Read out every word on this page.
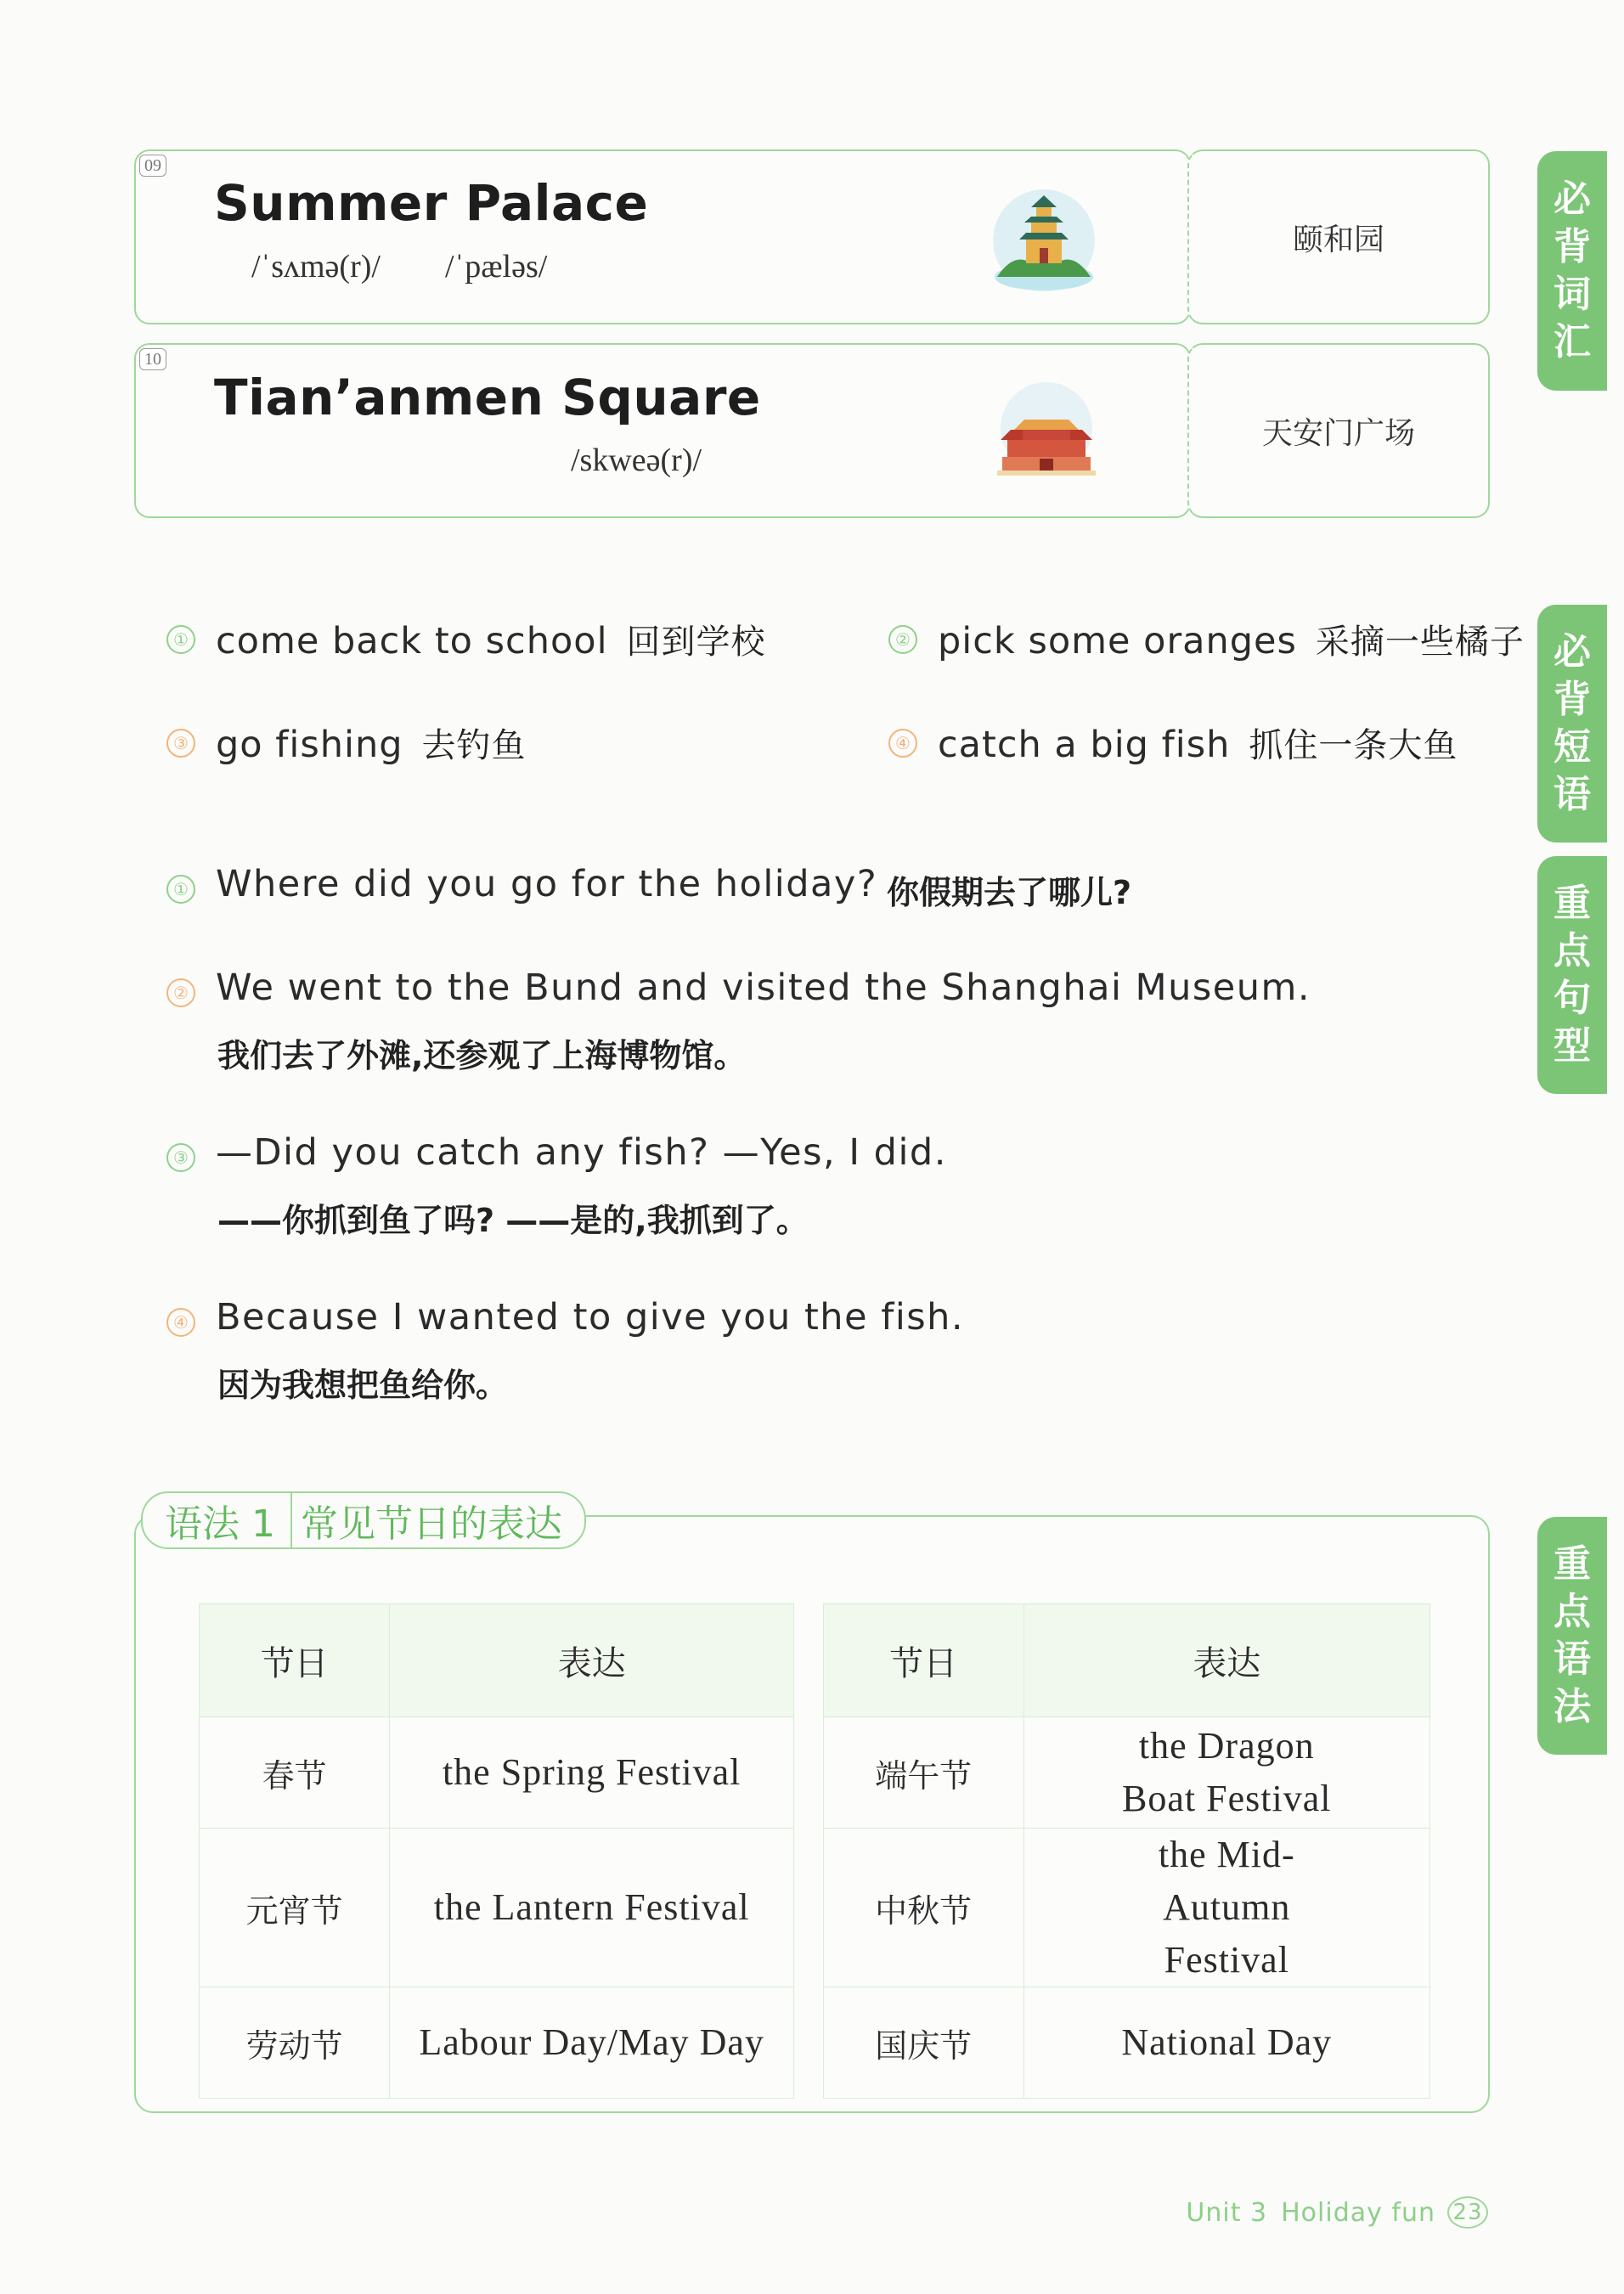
09
颐和园
Summer Palace
/ˈsʌmə(r)/ /ˈpæləs/
10
天安门广场
Tian’anmen Square
/skweə(r)/
必
背
词
汇
必
背
短
语
重
点
句
型
重
点
语
法
① come back to school 回到学校	② pick some oranges 采摘一些橘子
③ go fishing 去钓鱼	④ catch a big fish 抓住一条大鱼
① Where did you go for the holiday? 你假期去了哪儿?
② We went to the Bund and visited the Shanghai Museum.
我们去了外滩,还参观了上海博物馆。
③ —Did you catch any fish? —Yes, I did.
——你抓到鱼了吗? ——是的,我抓到了。
④ Because I wanted to give you the fish.
因为我想把鱼给你。
语法 1 常见节日的表达
节日	表达		节日	表达
春节	the Spring Festival		端午节	the Dragon Boat Festival
元宵节	the Lantern Festival		中秋节	the Mid-Autumn Festival
劳动节	Labour Day/May Day		国庆节	National Day
Unit 3 Holiday fun 23
